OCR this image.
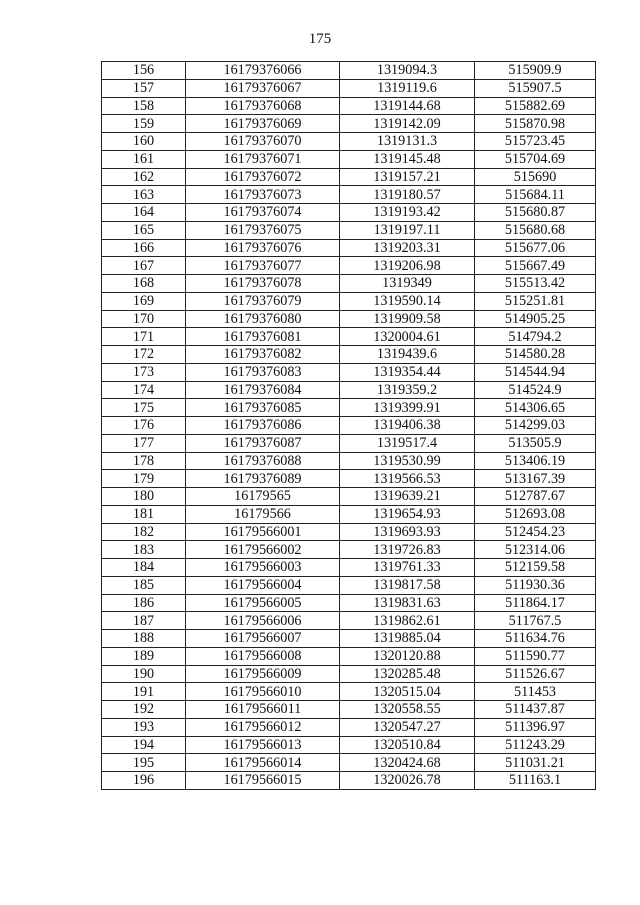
175
156	16179376066	1319094.3	515909.9
157	16179376067	1319119.6	515907.5
158	16179376068	1319144.68	515882.69
159	16179376069	1319142.09	515870.98
160	16179376070	1319131.3	515723.45
161	16179376071	1319145.48	515704.69
162	16179376072	1319157.21	515690
163	16179376073	1319180.57	515684.11
164	16179376074	1319193.42	515680.87
165	16179376075	1319197.11	515680.68
166	16179376076	1319203.31	515677.06
167	16179376077	1319206.98	515667.49
168	16179376078	1319349	515513.42
169	16179376079	1319590.14	515251.81
170	16179376080	1319909.58	514905.25
171	16179376081	1320004.61	514794.2
172	16179376082	1319439.6	514580.28
173	16179376083	1319354.44	514544.94
174	16179376084	1319359.2	514524.9
175	16179376085	1319399.91	514306.65
176	16179376086	1319406.38	514299.03
177	16179376087	1319517.4	513505.9
178	16179376088	1319530.99	513406.19
179	16179376089	1319566.53	513167.39
180	16179565	1319639.21	512787.67
181	16179566	1319654.93	512693.08
182	16179566001	1319693.93	512454.23
183	16179566002	1319726.83	512314.06
184	16179566003	1319761.33	512159.58
185	16179566004	1319817.58	511930.36
186	16179566005	1319831.63	511864.17
187	16179566006	1319862.61	511767.5
188	16179566007	1319885.04	511634.76
189	16179566008	1320120.88	511590.77
190	16179566009	1320285.48	511526.67
191	16179566010	1320515.04	511453
192	16179566011	1320558.55	511437.87
193	16179566012	1320547.27	511396.97
194	16179566013	1320510.84	511243.29
195	16179566014	1320424.68	511031.21
196	16179566015	1320026.78	511163.1
